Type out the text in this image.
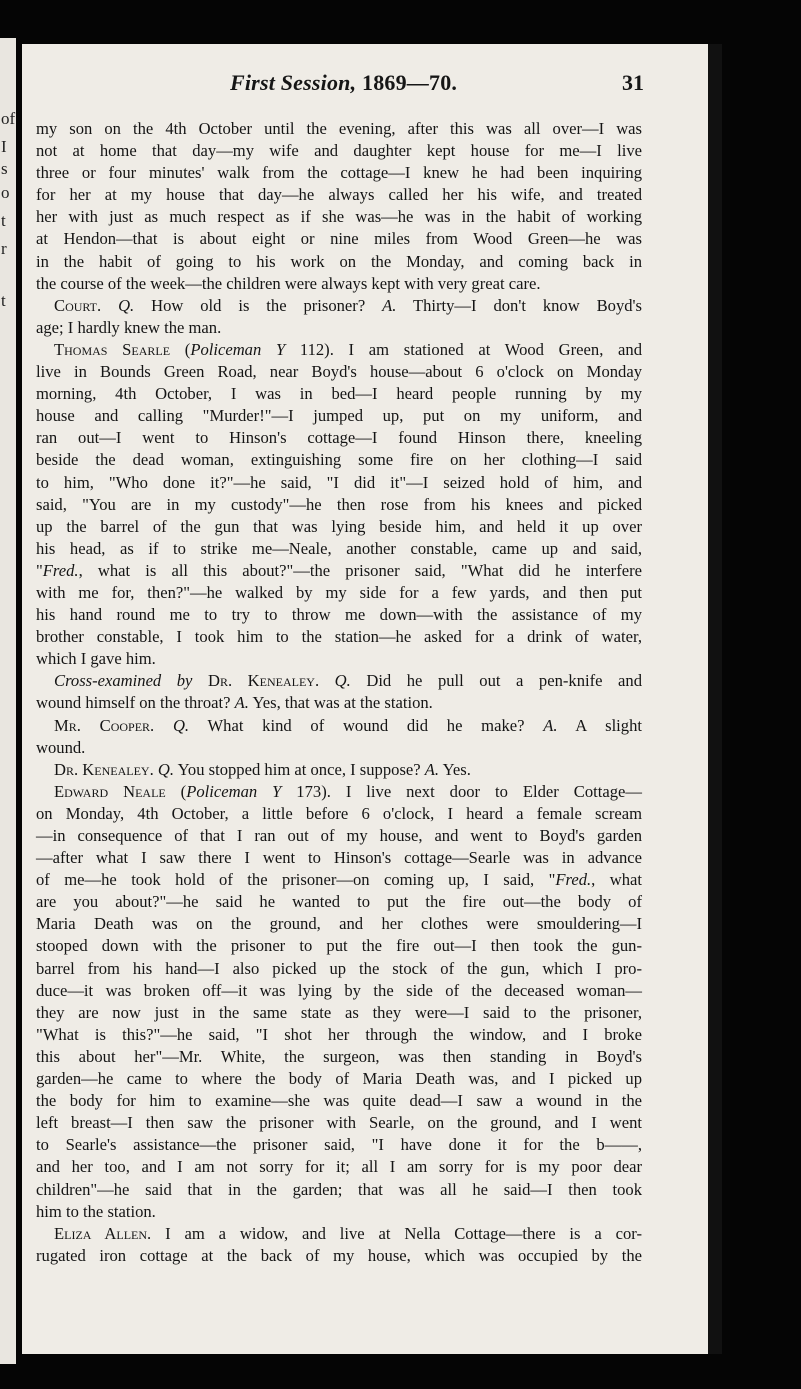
of
I
s
o
t
r
t
First Session, 1869—70.	31
my son on the 4th October until the evening, after this was all over—I was
not at home that day—my wife and daughter kept house for me—I live
three or four minutes' walk from the cottage—I knew he had been inquiring
for her at my house that day—he always called her his wife, and treated
her with just as much respect as if she was—he was in the habit of working
at Hendon—that is about eight or nine miles from Wood Green—he was
in the habit of going to his work on the Monday, and coming back in
the course of the week—the children were always kept with very great care.
Court. Q. How old is the prisoner? A. Thirty—I don't know Boyd's
age; I hardly knew the man.
Thomas Searle (Policeman Y 112). I am stationed at Wood Green, and
live in Bounds Green Road, near Boyd's house—about 6 o'clock on Monday
morning, 4th October, I was in bed—I heard people running by my
house and calling "Murder!"—I jumped up, put on my uniform, and
ran out—I went to Hinson's cottage—I found Hinson there, kneeling
beside the dead woman, extinguishing some fire on her clothing—I said
to him, "Who done it?"—he said, "I did it"—I seized hold of him, and
said, "You are in my custody"—he then rose from his knees and picked
up the barrel of the gun that was lying beside him, and held it up over
his head, as if to strike me—Neale, another constable, came up and said,
"Fred., what is all this about?"—the prisoner said, "What did he interfere
with me for, then?"—he walked by my side for a few yards, and then put
his hand round me to try to throw me down—with the assistance of my
brother constable, I took him to the station—he asked for a drink of water,
which I gave him.
Cross-examined by Dr. Kenealey. Q. Did he pull out a pen-knife and
wound himself on the throat? A. Yes, that was at the station.
Mr. Cooper. Q. What kind of wound did he make? A. A slight
wound.
Dr. Kenealey. Q. You stopped him at once, I suppose? A. Yes.
Edward Neale (Policeman Y 173). I live next door to Elder Cottage—
on Monday, 4th October, a little before 6 o'clock, I heard a female scream
—in consequence of that I ran out of my house, and went to Boyd's garden
—after what I saw there I went to Hinson's cottage—Searle was in advance
of me—he took hold of the prisoner—on coming up, I said, "Fred., what
are you about?"—he said he wanted to put the fire out—the body of
Maria Death was on the ground, and her clothes were smouldering—I
stooped down with the prisoner to put the fire out—I then took the gun-
barrel from his hand—I also picked up the stock of the gun, which I pro-
duce—it was broken off—it was lying by the side of the deceased woman—
they are now just in the same state as they were—I said to the prisoner,
"What is this?"—he said, "I shot her through the window, and I broke
this about her"—Mr. White, the surgeon, was then standing in Boyd's
garden—he came to where the body of Maria Death was, and I picked up
the body for him to examine—she was quite dead—I saw a wound in the
left breast—I then saw the prisoner with Searle, on the ground, and I went
to Searle's assistance—the prisoner said, "I have done it for the b——,
and her too, and I am not sorry for it; all I am sorry for is my poor dear
children"—he said that in the garden; that was all he said—I then took
him to the station.
Eliza Allen. I am a widow, and live at Nella Cottage—there is a cor-
rugated iron cottage at the back of my house, which was occupied by the
